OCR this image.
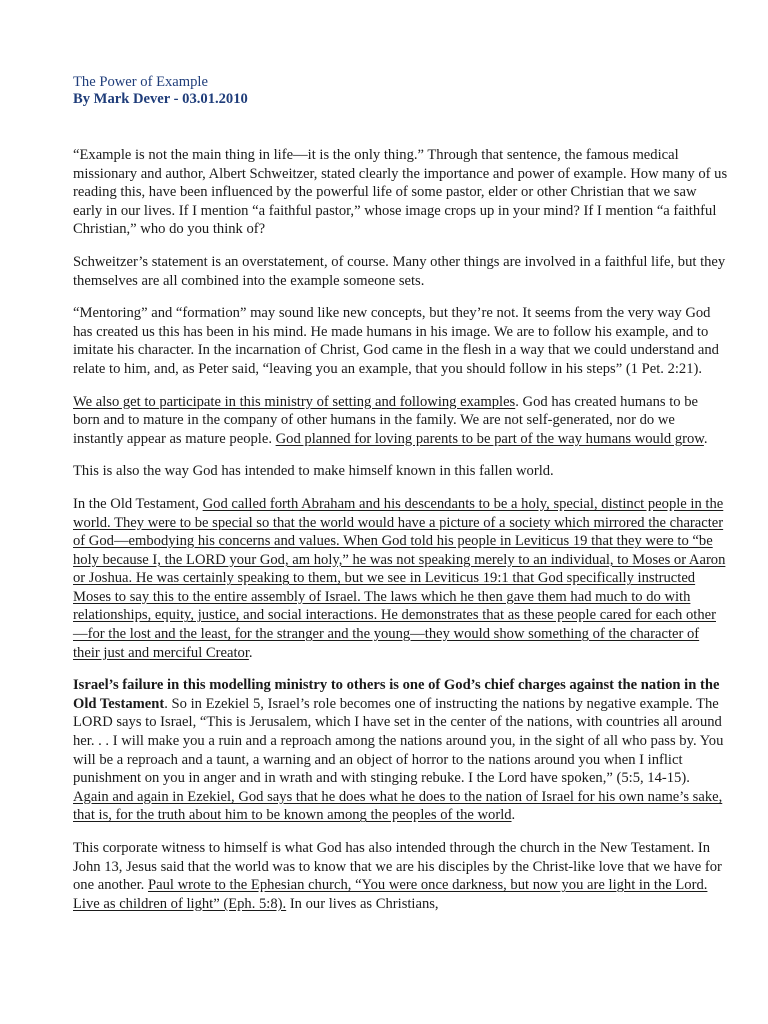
The Power of Example
By Mark Dever - 03.01.2010

“Example is not the main thing in life—it is the only thing.” Through that sentence, the famous medical missionary and author, Albert Schweitzer, stated clearly the importance and power of example. How many of us reading this, have been influenced by the powerful life of some pastor, elder or other Christian that we saw early in our lives. If I mention “a faithful pastor,” whose image crops up in your mind? If I mention “a faithful Christian,” who do you think of?

Schweitzer’s statement is an overstatement, of course. Many other things are involved in a faithful life, but they themselves are all combined into the example someone sets.

“Mentoring” and “formation” may sound like new concepts, but they’re not. It seems from the very way God has created us this has been in his mind. He made humans in his image. We are to follow his example, and to imitate his character. In the incarnation of Christ, God came in the flesh in a way that we could understand and relate to him, and, as Peter said, “leaving you an example, that you should follow in his steps” (1 Pet. 2:21).

We also get to participate in this ministry of setting and following examples. God has created humans to be born and to mature in the company of other humans in the family. We are not self-generated, nor do we instantly appear as mature people. God planned for loving parents to be part of the way humans would grow.

This is also the way God has intended to make himself known in this fallen world.

In the Old Testament, God called forth Abraham and his descendants to be a holy, special, distinct people in the world. They were to be special so that the world would have a picture of a society which mirrored the character of God—embodying his concerns and values. When God told his people in Leviticus 19 that they were to “be holy because I, the LORD your God, am holy,” he was not speaking merely to an individual, to Moses or Aaron or Joshua. He was certainly speaking to them, but we see in Leviticus 19:1 that God specifically instructed Moses to say this to the entire assembly of Israel. The laws which he then gave them had much to do with relationships, equity, justice, and social interactions. He demonstrates that as these people cared for each other—for the lost and the least, for the stranger and the young—they would show something of the character of their just and merciful Creator.

Israel’s failure in this modelling ministry to others is one of God’s chief charges against the nation in the Old Testament. So in Ezekiel 5, Israel’s role becomes one of instructing the nations by negative example. The LORD says to Israel, “This is Jerusalem, which I have set in the center of the nations, with countries all around her. . . I will make you a ruin and a reproach among the nations around you, in the sight of all who pass by. You will be a reproach and a taunt, a warning and an object of horror to the nations around you when I inflict punishment on you in anger and in wrath and with stinging rebuke. I the Lord have spoken,” (5:5, 14-15). Again and again in Ezekiel, God says that he does what he does to the nation of Israel for his own name’s sake, that is, for the truth about him to be known among the peoples of the world.

This corporate witness to himself is what God has also intended through the church in the New Testament. In John 13, Jesus said that the world was to know that we are his disciples by the Christ-like love that we have for one another. Paul wrote to the Ephesian church, “You were once darkness, but now you are light in the Lord. Live as children of light” (Eph. 5:8). In our lives as Christians,
